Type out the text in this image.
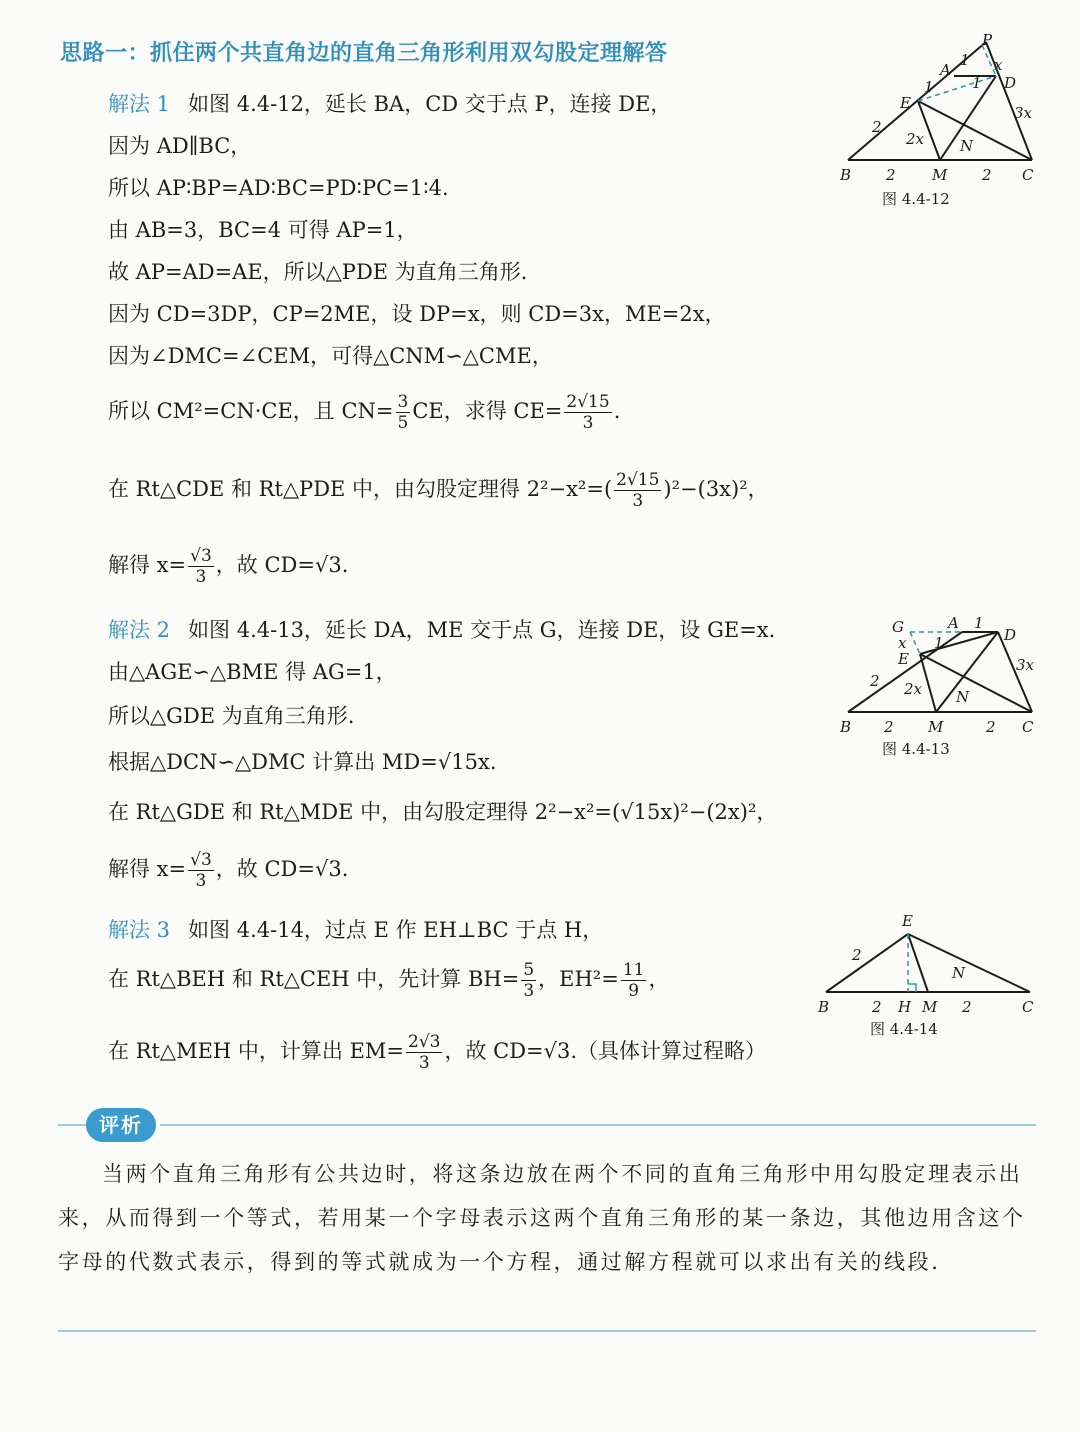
思路一：抓住两个共直角边的直角三角形利用双勾股定理解答
解法 1 如图 4.4-12，延长 BA，CD 交于点 P，连接 DE，
因为 AD∥BC，
所以 AP∶BP=AD∶BC=PD∶PC=1∶4.
由 AB=3，BC=4 可得 AP=1，
故 AP=AD=AE，所以△PDE 为直角三角形.
因为 CD=3DP，CP=2ME，设 DP=x，则 CD=3x，ME=2x，
因为∠DMC=∠CEM，可得△CNM∽△CME，
所以 CM²=CN·CE，且 $CN= \frac{3}{5}$ CE，求得 $CE= \frac{2√15}{3}$ .
在 Rt△CDE 和 Rt△PDE 中，由勾股定理得 $2^2-x^2=( \frac{2√15}{3} )^2-(3x)^2$，
解得 $x= \frac{√3}{3}$ ，故 CD=√3.
P
A
1
1
x
D
E
1
3x
2
2x N
B 2 M 2 C
图 4.4-12
解法 2 如图 4.4-13，延长 DA，ME 交于点 G，连接 DE，设 GE=x.
由△AGE∽△BME 得 AG=1，
所以△GDE 为直角三角形.
根据△DCN∽△DMC 计算出 MD=√15x.
在 Rt△GDE 和 Rt△MDE 中，由勾股定理得 2²−x²=(√15x)²−(2x)²，
解得 $x= \frac{√3}{3}$ ，故 CD=√3.
G	A
1
x
1
D
E	3x
2 2x N
B 2 M	2 C
图 4.4-13
解法 3 如图 4.4-14，过点 E 作 EH⊥BC 于点 H，
在 Rt△BEH 和 Rt△CEH 中，先计算 $BH= \frac{5}{3}$ ，$EH^2= \frac{11}{9}$ ，
在 Rt△MEH 中，计算出 $EM= \frac{2√3}{3}$ ，故 CD=√3.（具体计算过程略）
E
2
N
B	2 H M 2	C
图 4.4-14
评析
当两个直角三角形有公共边时，将这条边放在两个不同的直角三角形中用勾股定理表示出来，从而得到一个等式，若用某一个字母表示这两个直角三角形的某一条边，其他边用含这个字母的代数式表示，得到的等式就成为一个方程，通过解方程就可以求出有关的线段.
